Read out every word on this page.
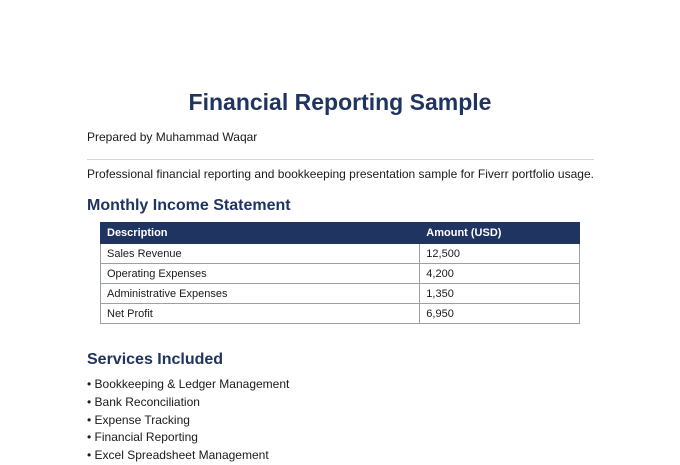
Financial Reporting Sample
Prepared by Muhammad Waqar
Professional financial reporting and bookkeeping presentation sample for Fiverr portfolio usage.
Monthly Income Statement
Description	Amount (USD)
Sales Revenue	12,500
Operating Expenses	4,200
Administrative Expenses	1,350
Net Profit	6,950
Services Included
• Bookkeeping & Ledger Management
• Bank Reconciliation
• Expense Tracking
• Financial Reporting
• Excel Spreadsheet Management
